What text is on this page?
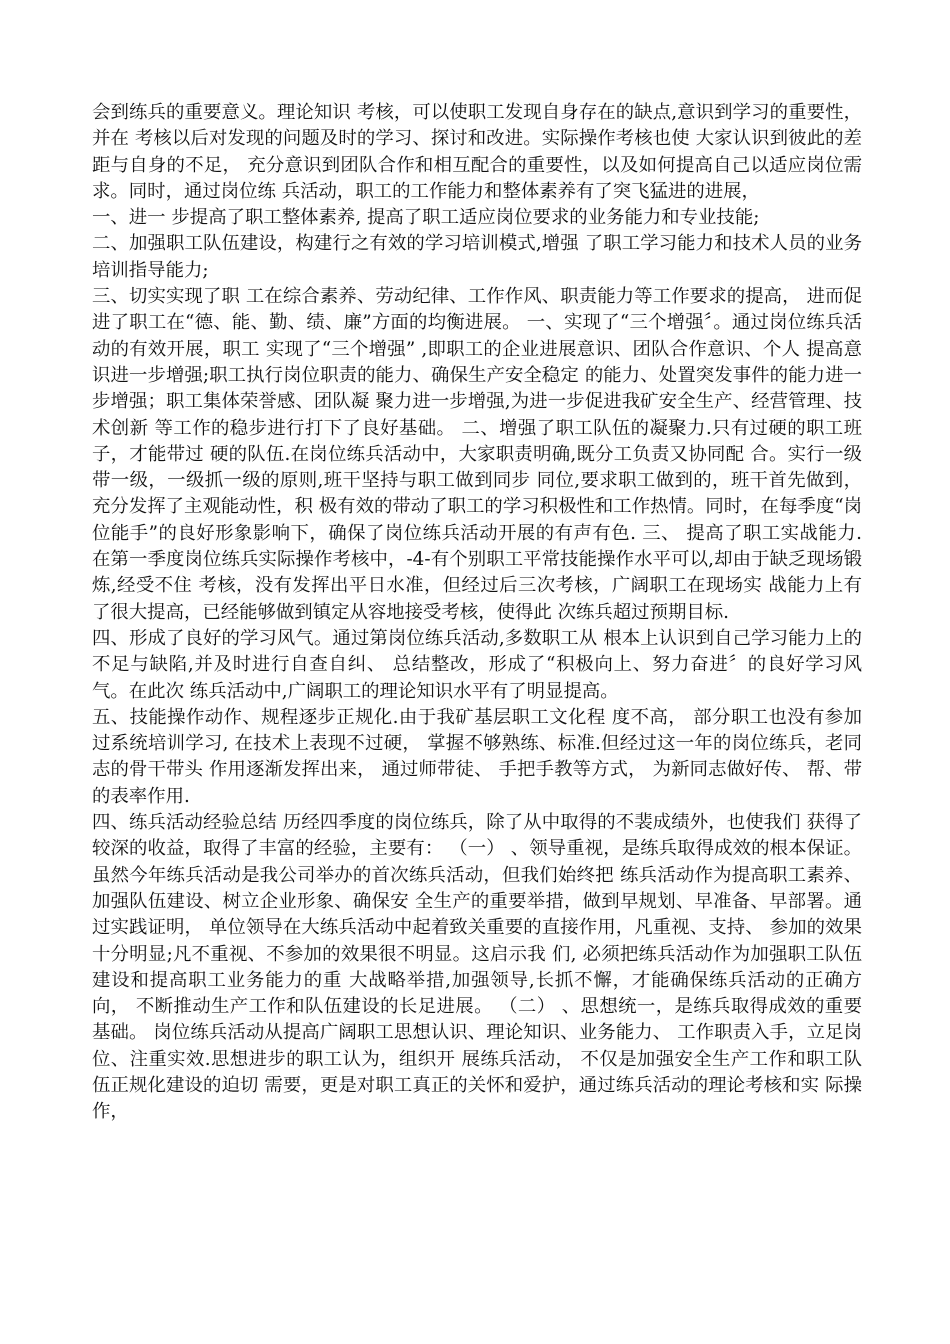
会到练兵的重要意义。理论知识 考核，可以使职工发现自身存在的缺点,意识到学习的重要性，并在 考核以后对发现的问题及时的学习、探讨和改进。实际操作考核也使 大家认识到彼此的差距与自身的不足， 充分意识到团队合作和相互配合的重要性，以及如何提高自己以适应岗位需求。同时，通过岗位练 兵活动，职工的工作能力和整体素养有了突飞猛进的进展，

一、进一 步提高了职工整体素养, 提高了职工适应岗位要求的业务能力和专业技能;

二、加强职工队伍建设，构建行之有效的学习培训模式,增强 了职工学习能力和技术人员的业务培训指导能力;

三、切实实现了职 工在综合素养、劳动纪律、工作作风、职责能力等工作要求的提高， 进而促进了职工在“德、能、勤、绩、廉”方面的均衡进展。 一、实现了“三个增强〞。通过岗位练兵活动的有效开展，职工 实现了“三个增强” ,即职工的企业进展意识、团队合作意识、个人 提高意识进一步增强;职工执行岗位职责的能力、确保生产安全稳定 的能力、处置突发事件的能力进一步增强；职工集体荣誉感、团队凝 聚力进一步增强,为进一步促进我矿安全生产、经营管理、技术创新 等工作的稳步进行打下了良好基础。 二、增强了职工队伍的凝聚力.只有过硬的职工班子，才能带过 硬的队伍.在岗位练兵活动中，大家职责明确,既分工负责又协同配 合。实行一级带一级，一级抓一级的原则,班干坚持与职工做到同步 同位,要求职工做到的，班干首先做到，充分发挥了主观能动性，积 极有效的带动了职工的学习积极性和工作热情。同时，在每季度“岗 位能手”的良好形象影响下，确保了岗位练兵活动开展的有声有色. 三、 提高了职工实战能力. 在第一季度岗位练兵实际操作考核中，-4-有个别职工平常技能操作水平可以,却由于缺乏现场锻炼,经受不住 考核，没有发挥出平日水准，但经过后三次考核，广阔职工在现场实 战能力上有了很大提高，已经能够做到镇定从容地接受考核，使得此 次练兵超过预期目标.

四、形成了良好的学习风气。通过第岗位练兵活动,多数职工从 根本上认识到自己学习能力上的不足与缺陷,并及时进行自查自纠、 总结整改，形成了“积极向上、努力奋进〞的良好学习风气。在此次 练兵活动中,广阔职工的理论知识水平有了明显提高。

五、技能操作动作、规程逐步正规化.由于我矿基层职工文化程 度不高， 部分职工也没有参加过系统培训学习, 在技术上表现不过硬， 掌握不够熟练、标准.但经过这一年的岗位练兵，老同志的骨干带头 作用逐渐发挥出来， 通过师带徒、 手把手教等方式， 为新同志做好传、 帮、带的表率作用.

四、练兵活动经验总结 历经四季度的岗位练兵，除了从中取得的不裴成绩外，也使我们 获得了较深的收益，取得了丰富的经验，主要有： （一） 、领导重视，是练兵取得成效的根本保证。 虽然今年练兵活动是我公司举办的首次练兵活动，但我们始终把 练兵活动作为提高职工素养、加强队伍建设、树立企业形象、确保安 全生产的重要举措，做到早规划、早准备、早部署。通过实践证明， 单位领导在大练兵活动中起着致关重要的直接作用，凡重视、支持、 参加的效果十分明显;凡不重视、不参加的效果很不明显。这启示我 们, 必须把练兵活动作为加强职工队伍建设和提高职工业务能力的重 大战略举措,加强领导,长抓不懈，才能确保练兵活动的正确方向， 不断推动生产工作和队伍建设的长足进展。 （二） 、思想统一，是练兵取得成效的重要基础。 岗位练兵活动从提高广阔职工思想认识、理论知识、业务能力、 工作职责入手，立足岗位、注重实效.思想进步的职工认为，组织开 展练兵活动， 不仅是加强安全生产工作和职工队伍正规化建设的迫切 需要，更是对职工真正的关怀和爱护，通过练兵活动的理论考核和实 际操作，
